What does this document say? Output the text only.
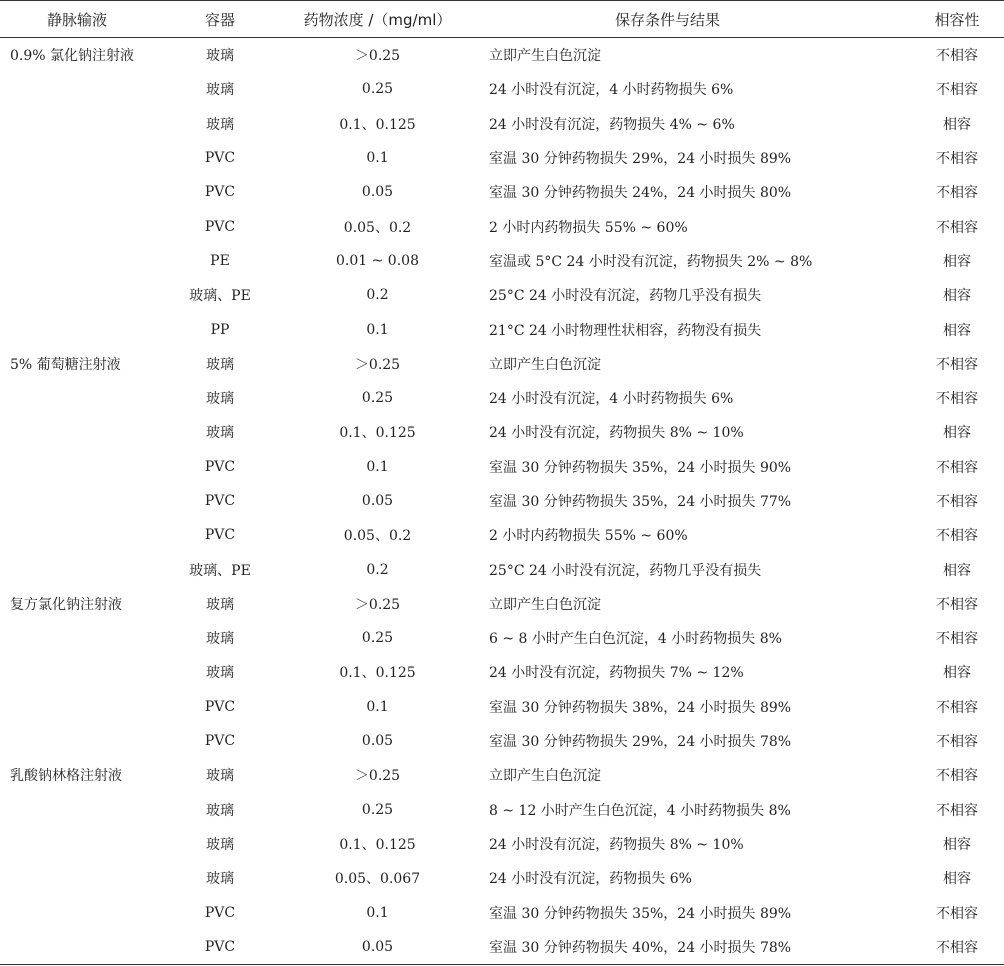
静脉输液	容器	药物浓度 /（mg/ml）	保存条件与结果	相容性
0.9% 氯化钠注射液	玻璃	＞0.25	立即产生白色沉淀	不相容
	玻璃	0.25	24 小时没有沉淀，4 小时药物损失 6%	不相容
	玻璃	0.1、0.125	24 小时没有沉淀，药物损失 4% ~ 6%	相容
	PVC	0.1	室温 30 分钟药物损失 29%，24 小时损失 89%	不相容
	PVC	0.05	室温 30 分钟药物损失 24%，24 小时损失 80%	不相容
	PVC	0.05、0.2	2 小时内药物损失 55% ~ 60%	不相容
	PE	0.01 ~ 0.08	室温或 5°C 24 小时没有沉淀，药物损失 2% ~ 8%	相容
	玻璃、PE	0.2	25°C 24 小时没有沉淀，药物几乎没有损失	相容
	PP	0.1	21°C 24 小时物理性状相容，药物没有损失	相容
5% 葡萄糖注射液	玻璃	＞0.25	立即产生白色沉淀	不相容
	玻璃	0.25	24 小时没有沉淀，4 小时药物损失 6%	不相容
	玻璃	0.1、0.125	24 小时没有沉淀，药物损失 8% ~ 10%	相容
	PVC	0.1	室温 30 分钟药物损失 35%，24 小时损失 90%	不相容
	PVC	0.05	室温 30 分钟药物损失 35%，24 小时损失 77%	不相容
	PVC	0.05、0.2	2 小时内药物损失 55% ~ 60%	不相容
	玻璃、PE	0.2	25°C 24 小时没有沉淀，药物几乎没有损失	相容
复方氯化钠注射液	玻璃	＞0.25	立即产生白色沉淀	不相容
	玻璃	0.25	6 ~ 8 小时产生白色沉淀，4 小时药物损失 8%	不相容
	玻璃	0.1、0.125	24 小时没有沉淀，药物损失 7% ~ 12%	相容
	PVC	0.1	室温 30 分钟药物损失 38%，24 小时损失 89%	不相容
	PVC	0.05	室温 30 分钟药物损失 29%，24 小时损失 78%	不相容
乳酸钠林格注射液	玻璃	＞0.25	立即产生白色沉淀	不相容
	玻璃	0.25	8 ~ 12 小时产生白色沉淀，4 小时药物损失 8%	不相容
	玻璃	0.1、0.125	24 小时没有沉淀，药物损失 8% ~ 10%	相容
	玻璃	0.05、0.067	24 小时没有沉淀，药物损失 6%	相容
	PVC	0.1	室温 30 分钟药物损失 35%，24 小时损失 89%	不相容
	PVC	0.05	室温 30 分钟药物损失 40%，24 小时损失 78%	不相容
